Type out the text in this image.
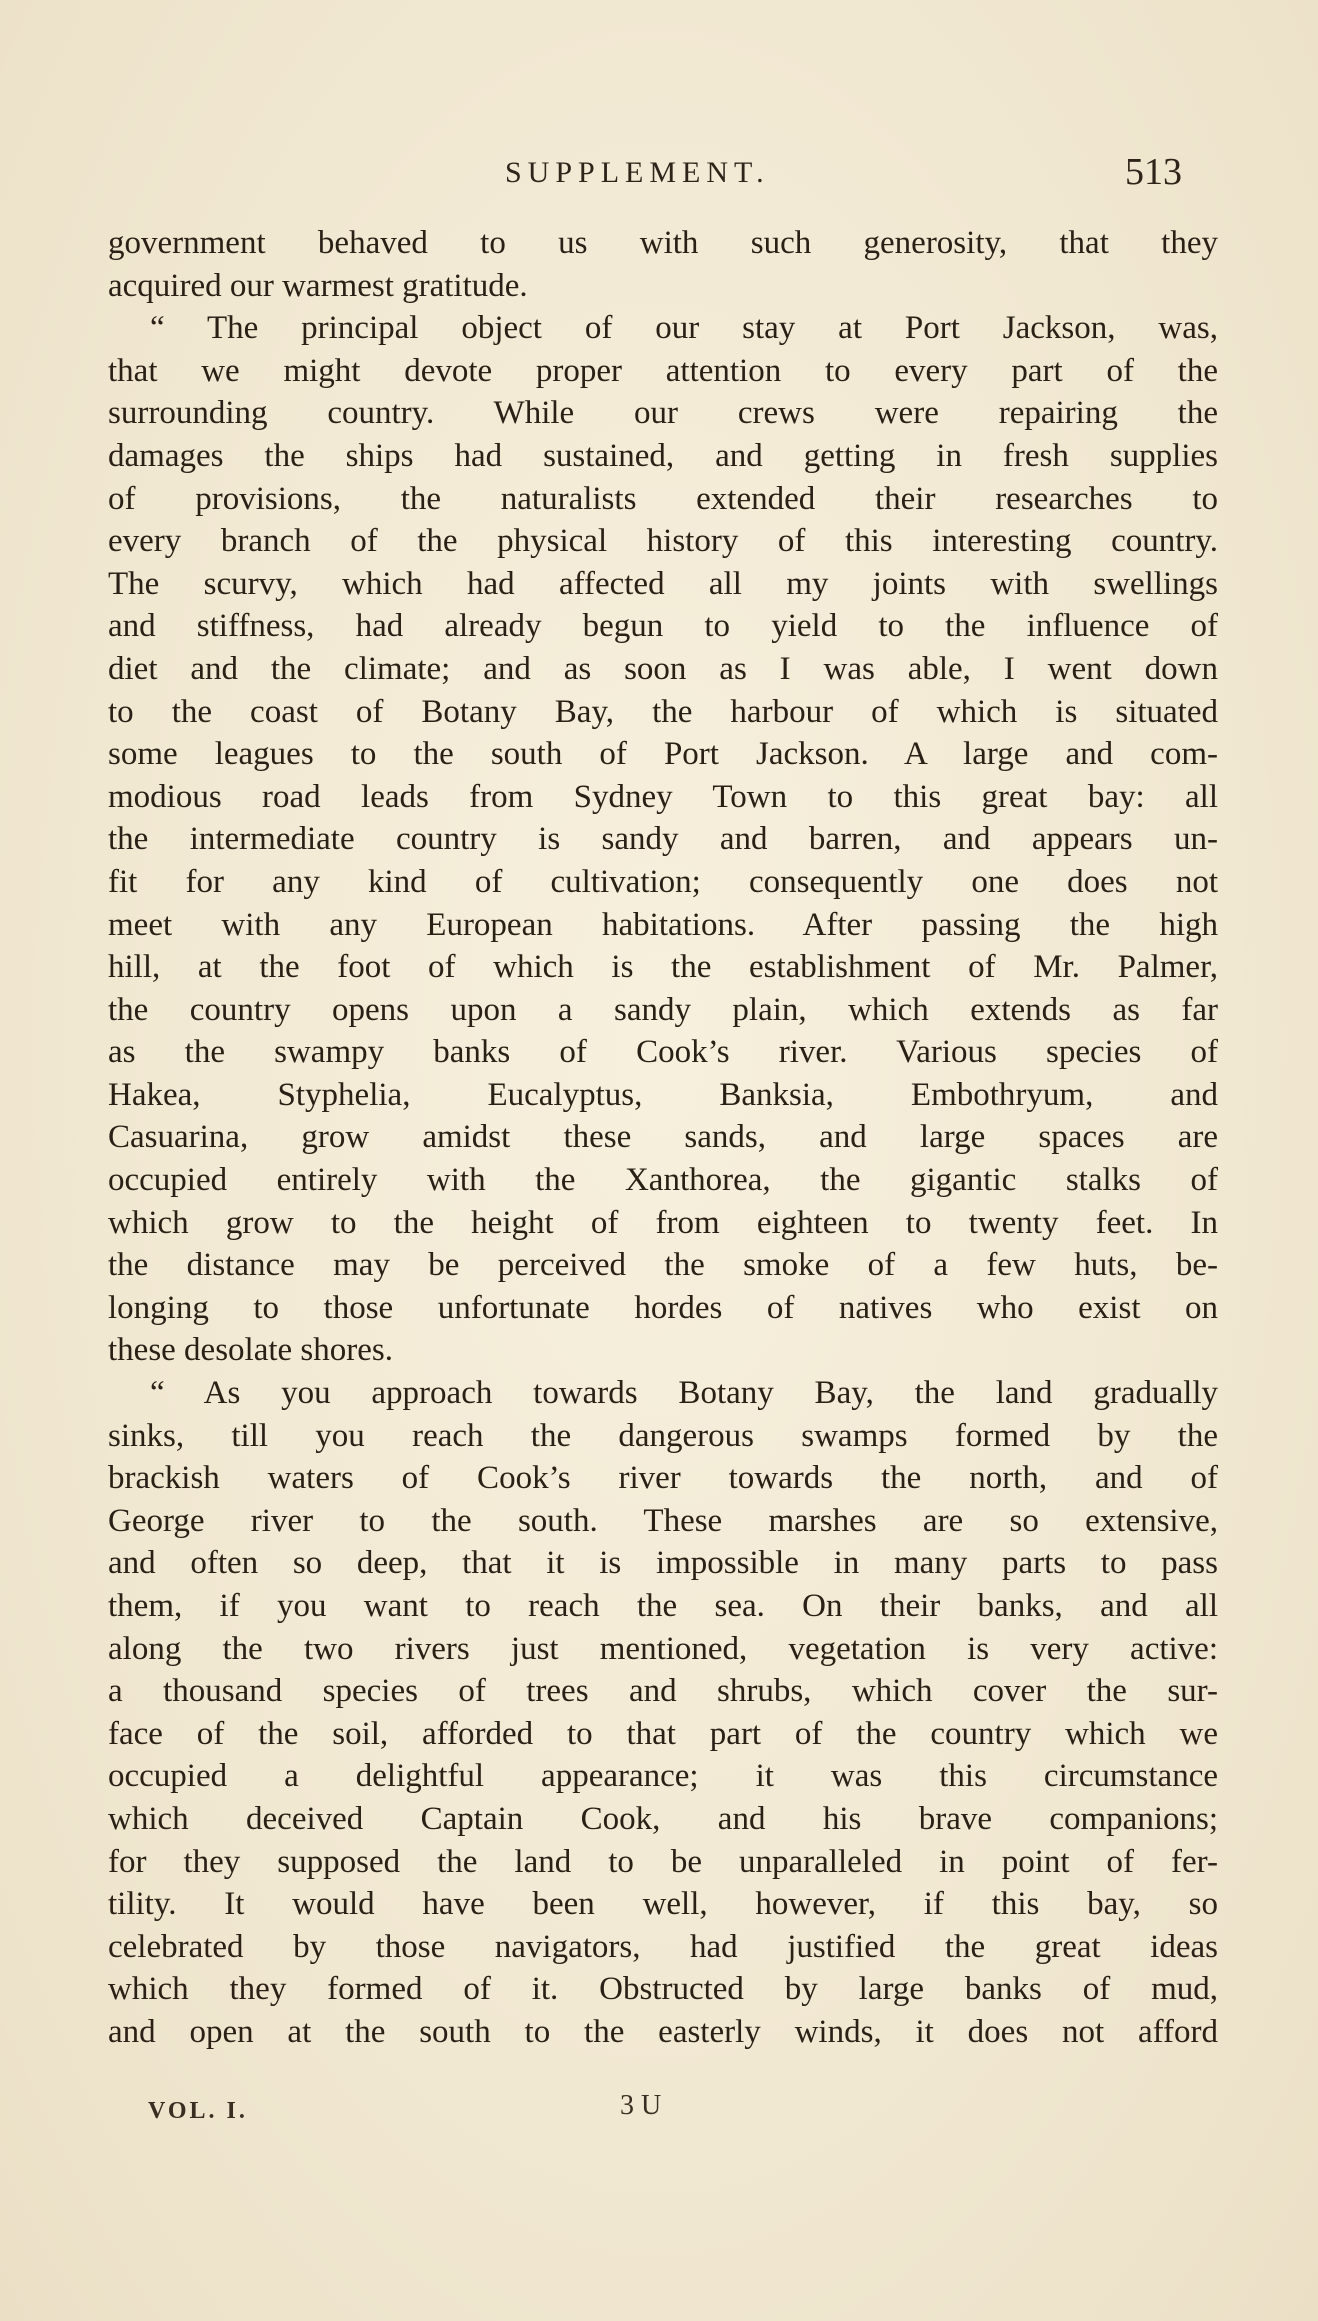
SUPPLEMENT.	513
government behaved to us with such generosity, that they
acquired our warmest gratitude.
“ The principal object of our stay at Port Jackson, was,
that we might devote proper attention to every part of the
surrounding country. While our crews were repairing the
damages the ships had sustained, and getting in fresh supplies
of provisions, the naturalists extended their researches to
every branch of the physical history of this interesting country.
The scurvy, which had affected all my joints with swellings
and stiffness, had already begun to yield to the influence of
diet and the climate; and as soon as I was able, I went down
to the coast of Botany Bay, the harbour of which is situated
some leagues to the south of Port Jackson. A large and com-
modious road leads from Sydney Town to this great bay: all
the intermediate country is sandy and barren, and appears un-
fit for any kind of cultivation; consequently one does not
meet with any European habitations. After passing the high
hill, at the foot of which is the establishment of Mr. Palmer,
the country opens upon a sandy plain, which extends as far
as the swampy banks of Cook’s river. Various species of
Hakea, Styphelia, Eucalyptus, Banksia, Embothryum, and
Casuarina, grow amidst these sands, and large spaces are
occupied entirely with the Xanthorea, the gigantic stalks of
which grow to the height of from eighteen to twenty feet. In
the distance may be perceived the smoke of a few huts, be-
longing to those unfortunate hordes of natives who exist on
these desolate shores.
“ As you approach towards Botany Bay, the land gradually
sinks, till you reach the dangerous swamps formed by the
brackish waters of Cook’s river towards the north, and of
George river to the south. These marshes are so extensive,
and often so deep, that it is impossible in many parts to pass
them, if you want to reach the sea. On their banks, and all
along the two rivers just mentioned, vegetation is very active:
a thousand species of trees and shrubs, which cover the sur-
face of the soil, afforded to that part of the country which we
occupied a delightful appearance; it was this circumstance
which deceived Captain Cook, and his brave companions;
for they supposed the land to be unparalleled in point of fer-
tility. It would have been well, however, if this bay, so
celebrated by those navigators, had justified the great ideas
which they formed of it. Obstructed by large banks of mud,
and open at the south to the easterly winds, it does not afford
VOL. I.	3 U
